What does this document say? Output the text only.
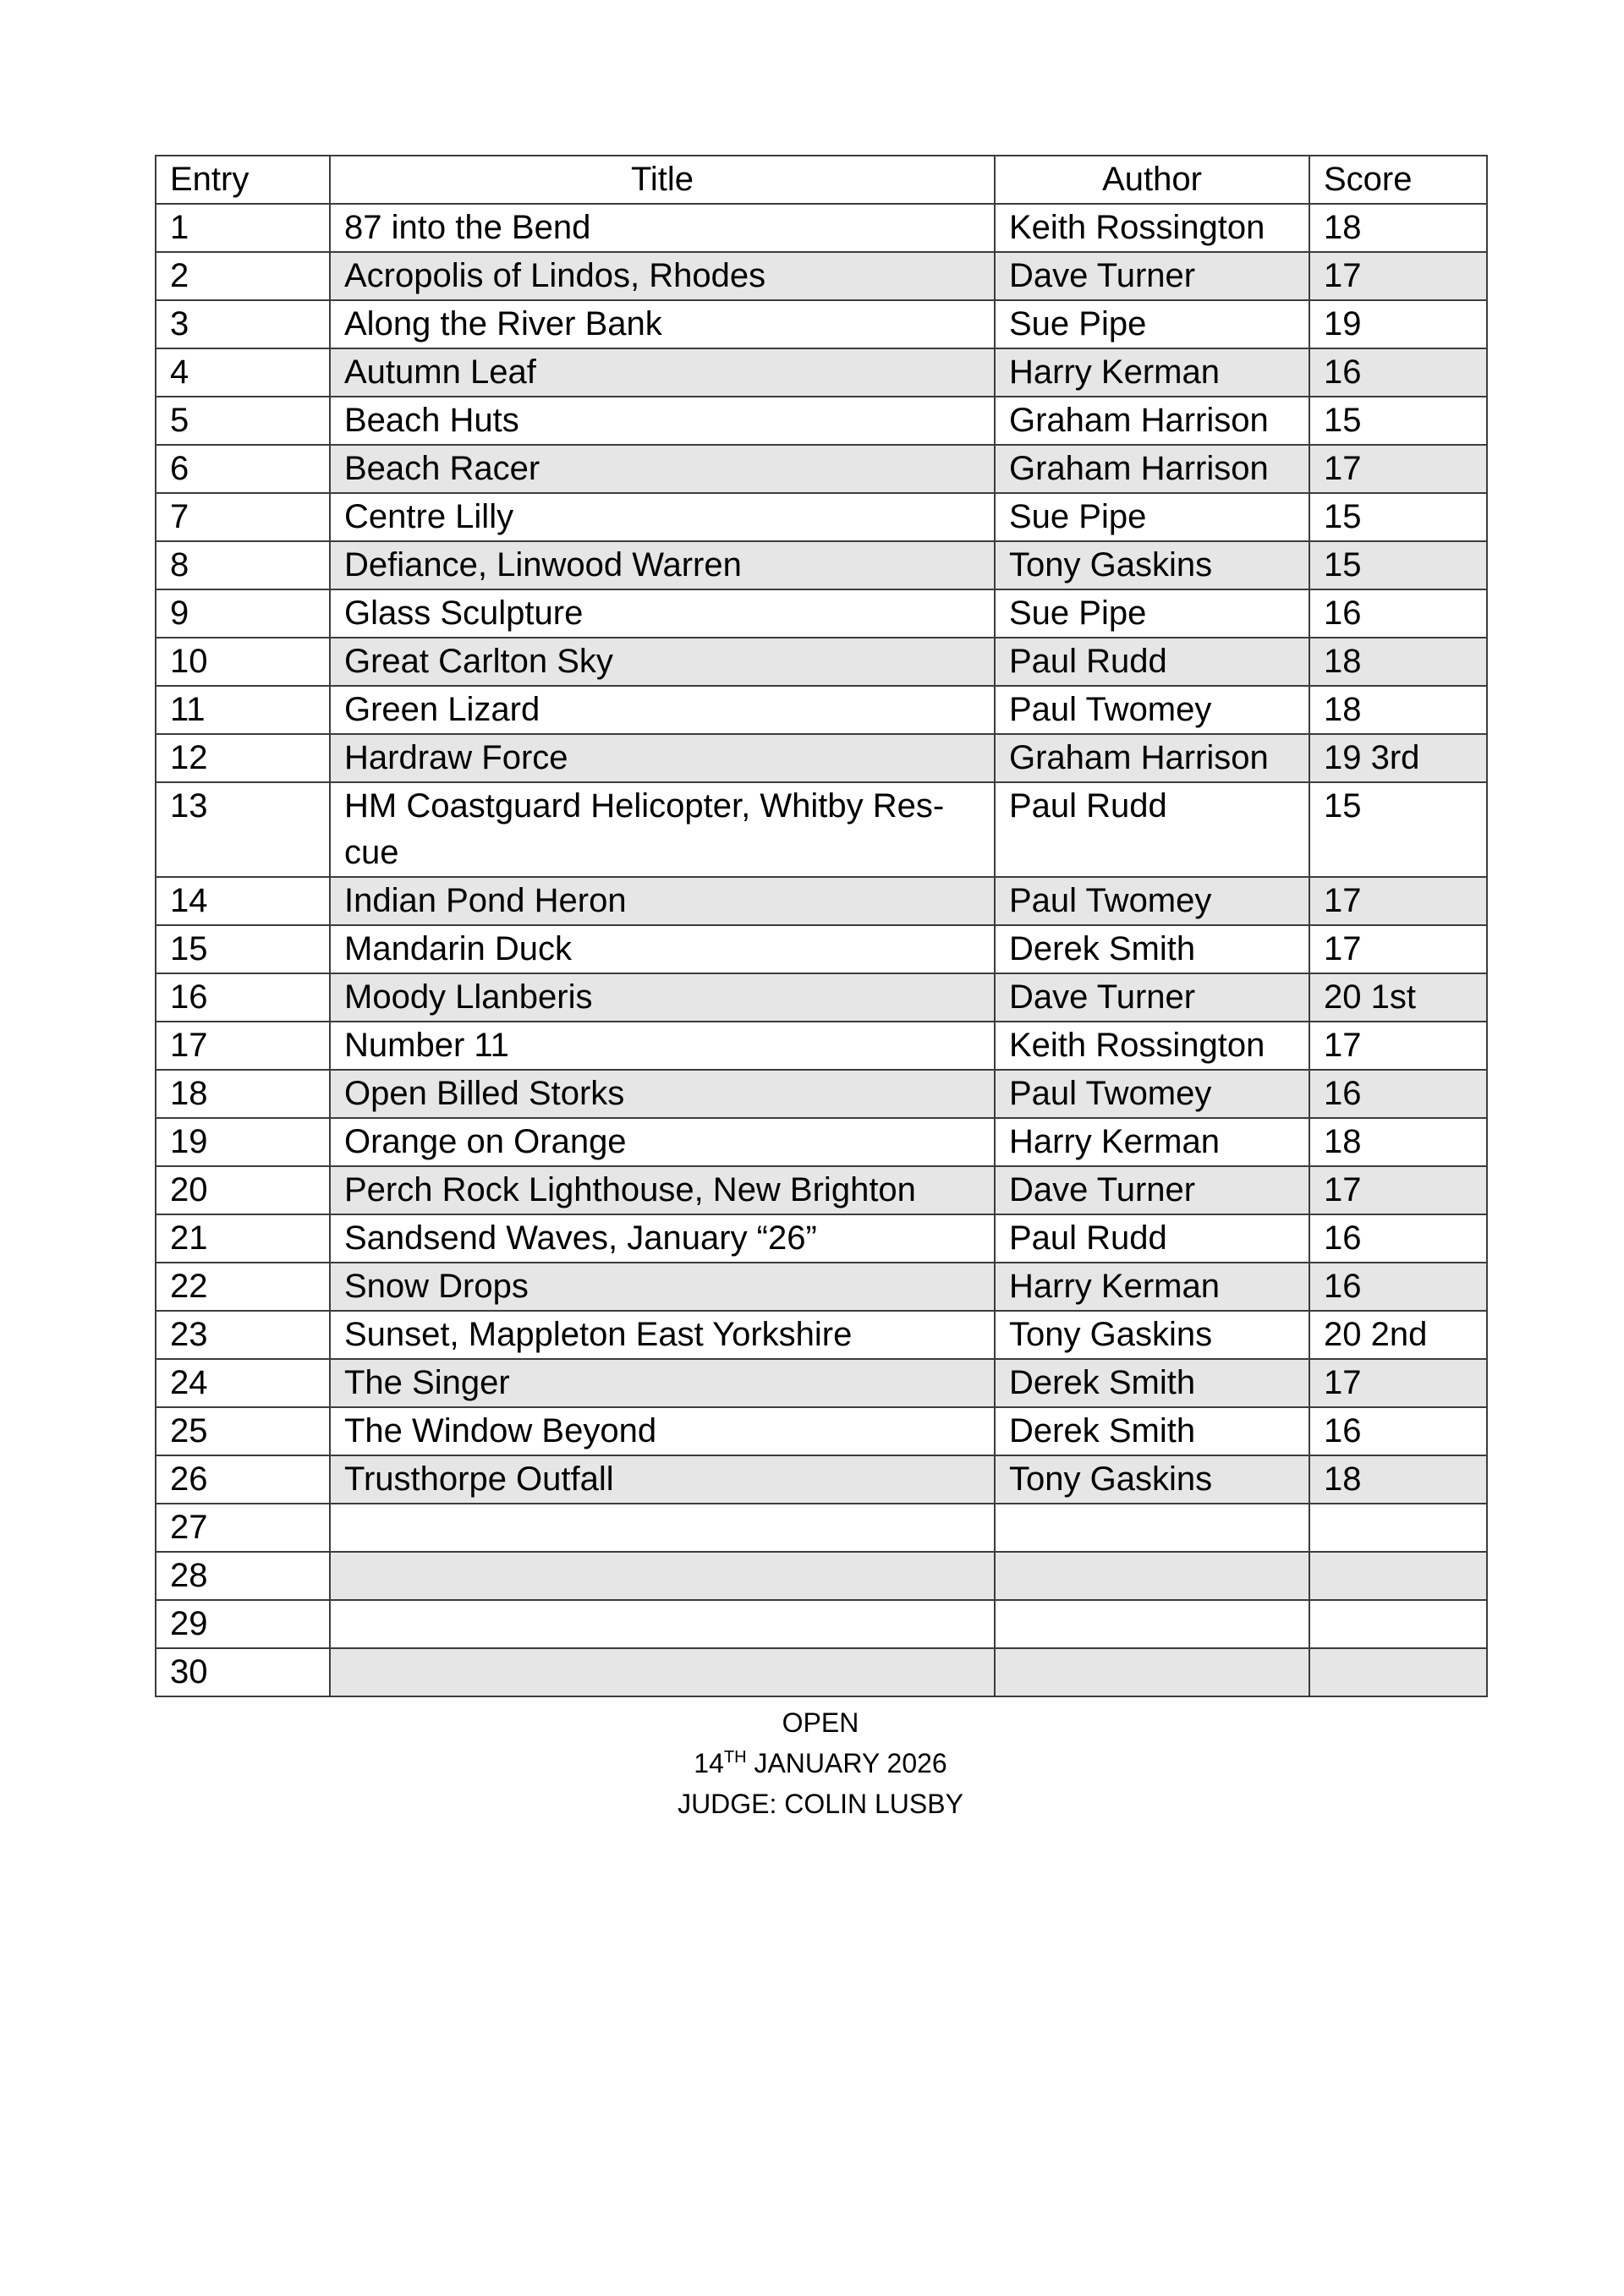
Entry	Title	Author	Score
1	87 into the Bend	Keith Rossington	18
2	Acropolis of Lindos, Rhodes	Dave Turner	17
3	Along the River Bank	Sue Pipe	19
4	Autumn Leaf	Harry Kerman	16
5	Beach Huts	Graham Harrison	15
6	Beach Racer	Graham Harrison	17
7	Centre Lilly	Sue Pipe	15
8	Defiance, Linwood Warren	Tony Gaskins	15
9	Glass Sculpture	Sue Pipe	16
10	Great Carlton Sky	Paul Rudd	18
11	Green Lizard	Paul Twomey	18
12	Hardraw Force	Graham Harrison	19 3rd
13	HM Coastguard Helicopter, Whitby Res-cue	Paul Rudd	15
14	Indian Pond Heron	Paul Twomey	17
15	Mandarin Duck	Derek Smith	17
16	Moody Llanberis	Dave Turner	20 1st
17	Number 11	Keith Rossington	17
18	Open Billed Storks	Paul Twomey	16
19	Orange on Orange	Harry Kerman	18
20	Perch Rock Lighthouse, New Brighton	Dave Turner	17
21	Sandsend Waves, January “26”	Paul Rudd	16
22	Snow Drops	Harry Kerman	16
23	Sunset, Mappleton East Yorkshire	Tony Gaskins	20 2nd
24	The Singer	Derek Smith	17
25	The Window Beyond	Derek Smith	16
26	Trusthorpe Outfall	Tony Gaskins	18
27			
28			
29			
30			
OPEN
14TH JANUARY 2026
JUDGE: COLIN LUSBY
